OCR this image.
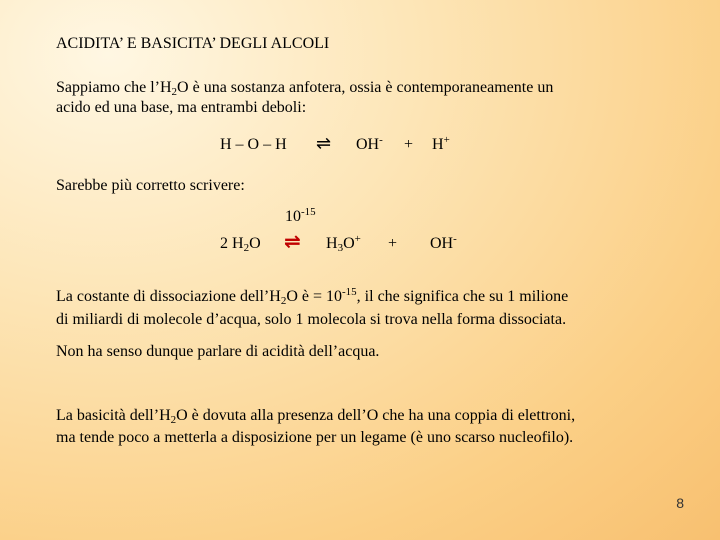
ACIDITA’ E BASICITA’ DEGLI ALCOLI
Sappiamo che $l’H_2O$ è una sostanza anfotera, ossia è contemporaneamente un
acido ed una base, ma entrambi deboli:
H – O – H ⇌ OH- + H+
Sarebbe più corretto scrivere:
$10^{-15}$
2 $H_2O$ ⇌ $H_3O^+ + OH^-$
La costante di dissociazione $dell’H_2O$ è = $10^{-15}$, il che significa che su 1 milione
di miliardi di molecole d’acqua, solo 1 molecola si trova nella forma dissociata.
Non ha senso dunque parlare di acidità dell’acqua.
La basicità $dell’H_2O$ è dovuta alla presenza dell’O che ha una coppia di elettroni,
ma tende poco a metterla a disposizione per un legame (è uno scarso nucleofilo).
8
